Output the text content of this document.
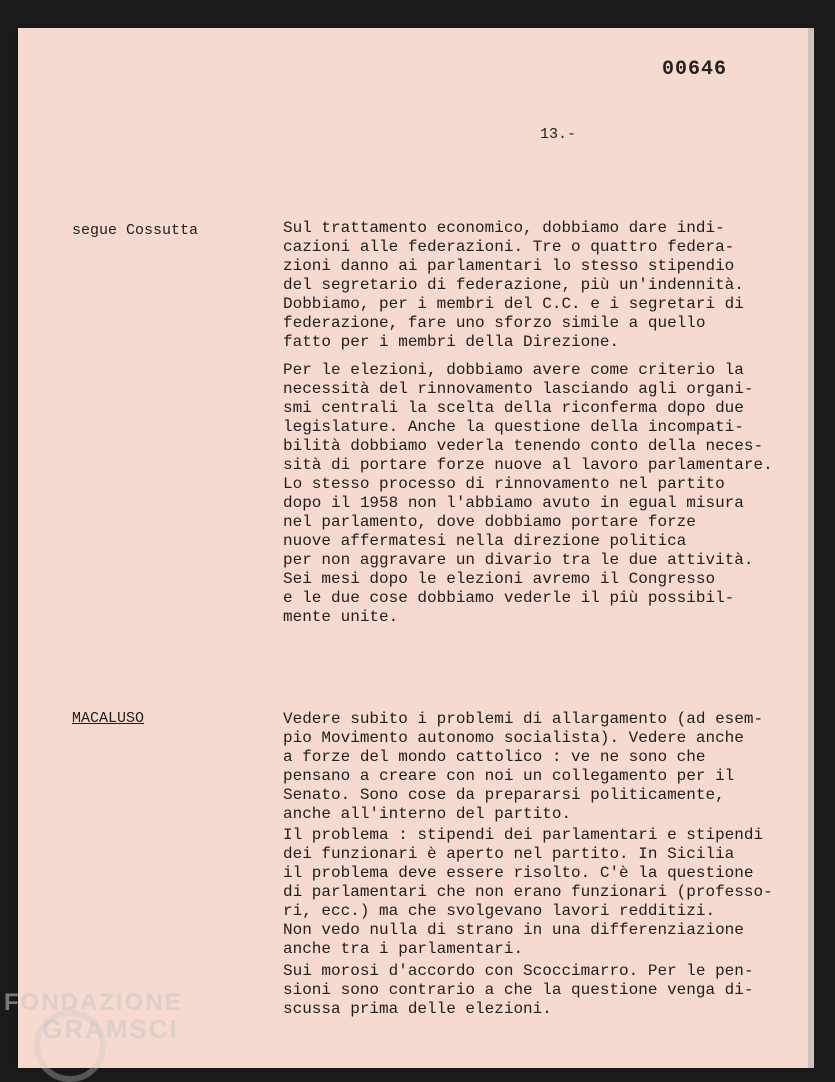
00646
13.-
segue Cossutta	Sul trattamento economico, dobbiamo dare indi-
cazioni alle federazioni. Tre o quattro federa-
zioni danno ai parlamentari lo stesso stipendio
del segretario di federazione, più un'indennità.
Dobbiamo, per i membri del C.C. e i segretari di
federazione, fare uno sforzo simile a quello
fatto per i membri della Direzione.
Per le elezioni, dobbiamo avere come criterio la
necessità del rinnovamento lasciando agli organi-
smi centrali la scelta della riconferma dopo due
legislature. Anche la questione della incompati-
bilità dobbiamo vederla tenendo conto della neces-
sità di portare forze nuove al lavoro parlamentare.
Lo stesso processo di rinnovamento nel partito
dopo il 1958 non l'abbiamo avuto in egual misura
nel parlamento, dove dobbiamo portare forze
nuove affermatesi nella direzione politica
per non aggravare un divario tra le due attività.
Sei mesi dopo le elezioni avremo il Congresso
e le due cose dobbiamo vederle il più possibil-
mente unite.
MACALUSO	Vedere subito i problemi di allargamento (ad esem-
pio Movimento autonomo socialista). Vedere anche
a forze del mondo cattolico : ve ne sono che
pensano a creare con noi un collegamento per il
Senato. Sono cose da prepararsi politicamente,
anche all'interno del partito.
Il problema : stipendi dei parlamentari e stipendi
dei funzionari è aperto nel partito. In Sicilia
il problema deve essere risolto. C'è la questione
di parlamentari che non erano funzionari (professo-
ri, ecc.) ma che svolgevano lavori redditizi.
Non vedo nulla di strano in una differenziazione
anche tra i parlamentari.
Sui morosi d'accordo con Scoccimarro. Per le pen-
sioni sono contrario a che la questione venga di-
scussa prima delle elezioni.
FONDAZIONE
GRAMSCI
